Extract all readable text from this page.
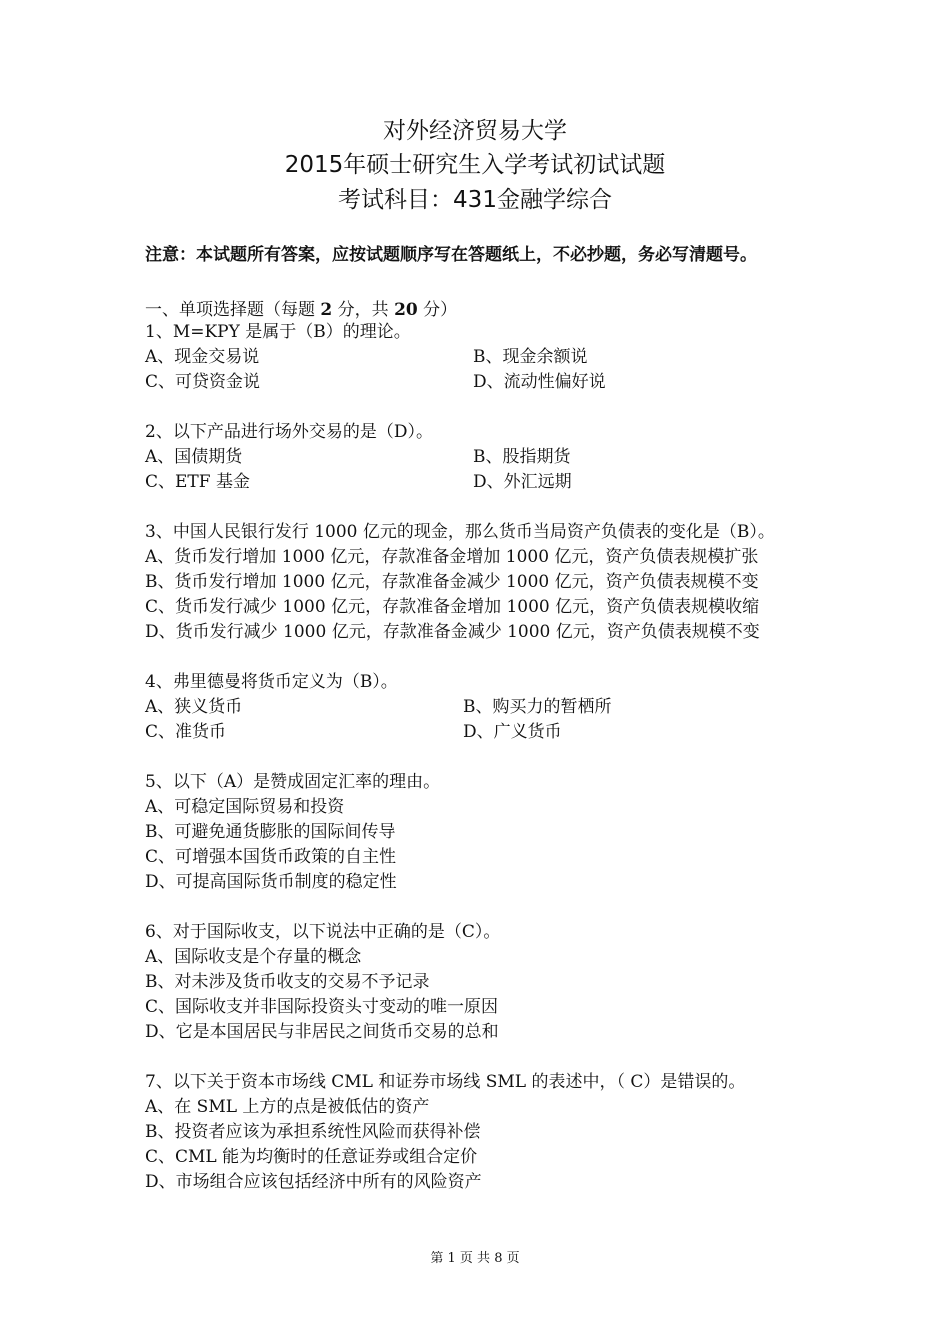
对外经济贸易大学
2015年硕士研究生入学考试初试试题
考试科目：431金融学综合
注意：本试题所有答案，应按试题顺序写在答题纸上，不必抄题，务必写清题号。
一、单项选择题（每题 2 分，共 20 分）
1、M=KPY 是属于（B）的理论。
A、现金交易说	B、现金余额说
C、可贷资金说	D、流动性偏好说
2、以下产品进行场外交易的是（D）。
A、国债期货	B、股指期货
C、ETF 基金	D、外汇远期
3、中国人民银行发行 1000 亿元的现金，那么货币当局资产负债表的变化是（B）。
A、货币发行增加 1000 亿元，存款准备金增加 1000 亿元，资产负债表规模扩张
B、货币发行增加 1000 亿元，存款准备金减少 1000 亿元，资产负债表规模不变
C、货币发行减少 1000 亿元，存款准备金增加 1000 亿元，资产负债表规模收缩
D、货币发行减少 1000 亿元，存款准备金减少 1000 亿元，资产负债表规模不变
4、弗里德曼将货币定义为（B）。
A、狭义货币	B、购买力的暂栖所
C、准货币	D、广义货币
5、以下（A）是赞成固定汇率的理由。
A、可稳定国际贸易和投资
B、可避免通货膨胀的国际间传导
C、可增强本国货币政策的自主性
D、可提高国际货币制度的稳定性
6、对于国际收支，以下说法中正确的是（C）。
A、国际收支是个存量的概念
B、对未涉及货币收支的交易不予记录
C、国际收支并非国际投资头寸变动的唯一原因
D、它是本国居民与非居民之间货币交易的总和
7、以下关于资本市场线 CML 和证券市场线 SML 的表述中，（ C）是错误的。
A、在 SML 上方的点是被低估的资产
B、投资者应该为承担系统性风险而获得补偿
C、CML 能为均衡时的任意证券或组合定价
D、市场组合应该包括经济中所有的风险资产
第 1 页 共 8 页
